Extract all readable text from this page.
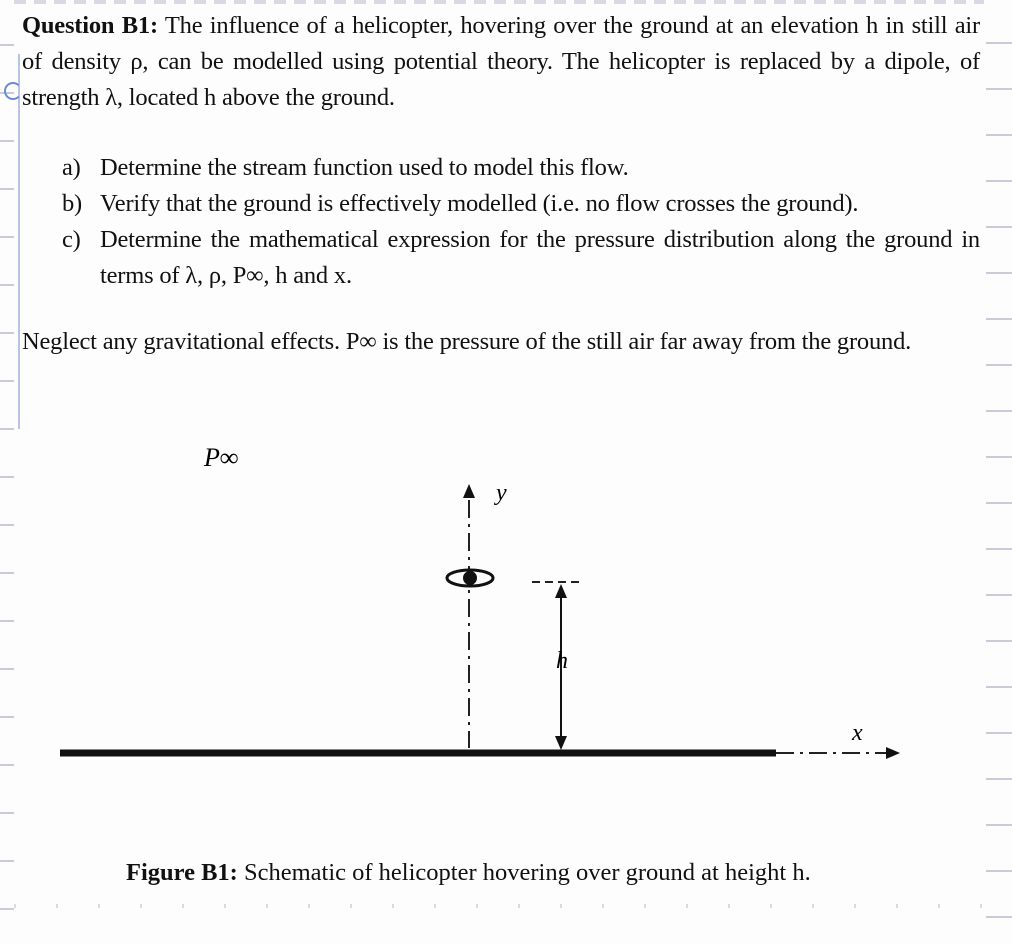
Question B1: The influence of a helicopter, hovering over the ground at an elevation h in still air of density ρ, can be modelled using potential theory. The helicopter is replaced by a dipole, of strength λ, located h above the ground.

a) Determine the stream function used to model this flow.
b) Verify that the ground is effectively modelled (i.e. no flow crosses the ground).
c) Determine the mathematical expression for the pressure distribution along the ground in terms of λ, ρ, P∞, h and x.

Neglect any gravitational effects. P∞ is the pressure of the still air far away from the ground.

P∞
y
h
x

Figure B1: Schematic of helicopter hovering over ground at height h.
